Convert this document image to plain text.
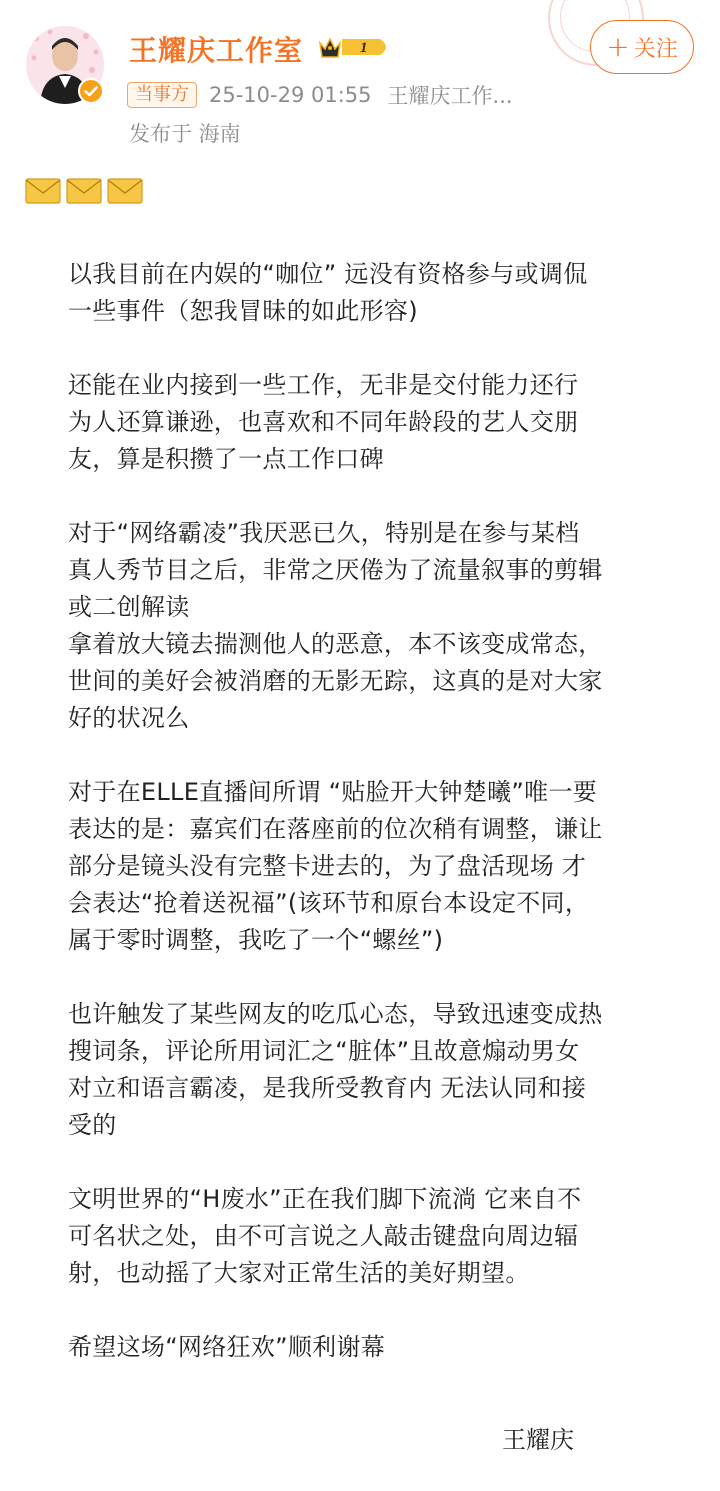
王耀庆工作室	1	+ 关注
当事方 25-10-29 01:55 王耀庆工作...
发布于 海南

以我目前在内娱的“咖位” 远没有资格参与或调侃
一些事件（恕我冒昧的如此形容)

还能在业内接到一些工作，无非是交付能力还行
为人还算谦逊，也喜欢和不同年龄段的艺人交朋
友，算是积攒了一点工作口碑

对于“网络霸凌”我厌恶已久，特别是在参与某档
真人秀节目之后，非常之厌倦为了流量叙事的剪辑
或二创解读
拿着放大镜去揣测他人的恶意，本不该变成常态，
世间的美好会被消磨的无影无踪，这真的是对大家
好的状况么

对于在ELLE直播间所谓 “贴脸开大钟楚曦”唯一要
表达的是：嘉宾们在落座前的位次稍有调整，谦让
部分是镜头没有完整卡进去的，为了盘活现场 才
会表达“抢着送祝福”(该环节和原台本设定不同，
属于零时调整，我吃了一个“螺丝”)

也许触发了某些网友的吃瓜心态，导致迅速变成热
搜词条，评论所用词汇之“脏体”且故意煽动男女
对立和语言霸凌，是我所受教育内 无法认同和接
受的

文明世界的“H废水”正在我们脚下流淌 它来自不
可名状之处，由不可言说之人敲击键盘向周边辐
射，也动摇了大家对正常生活的美好期望。

希望这场“网络狂欢”顺利谢幕

王耀庆
